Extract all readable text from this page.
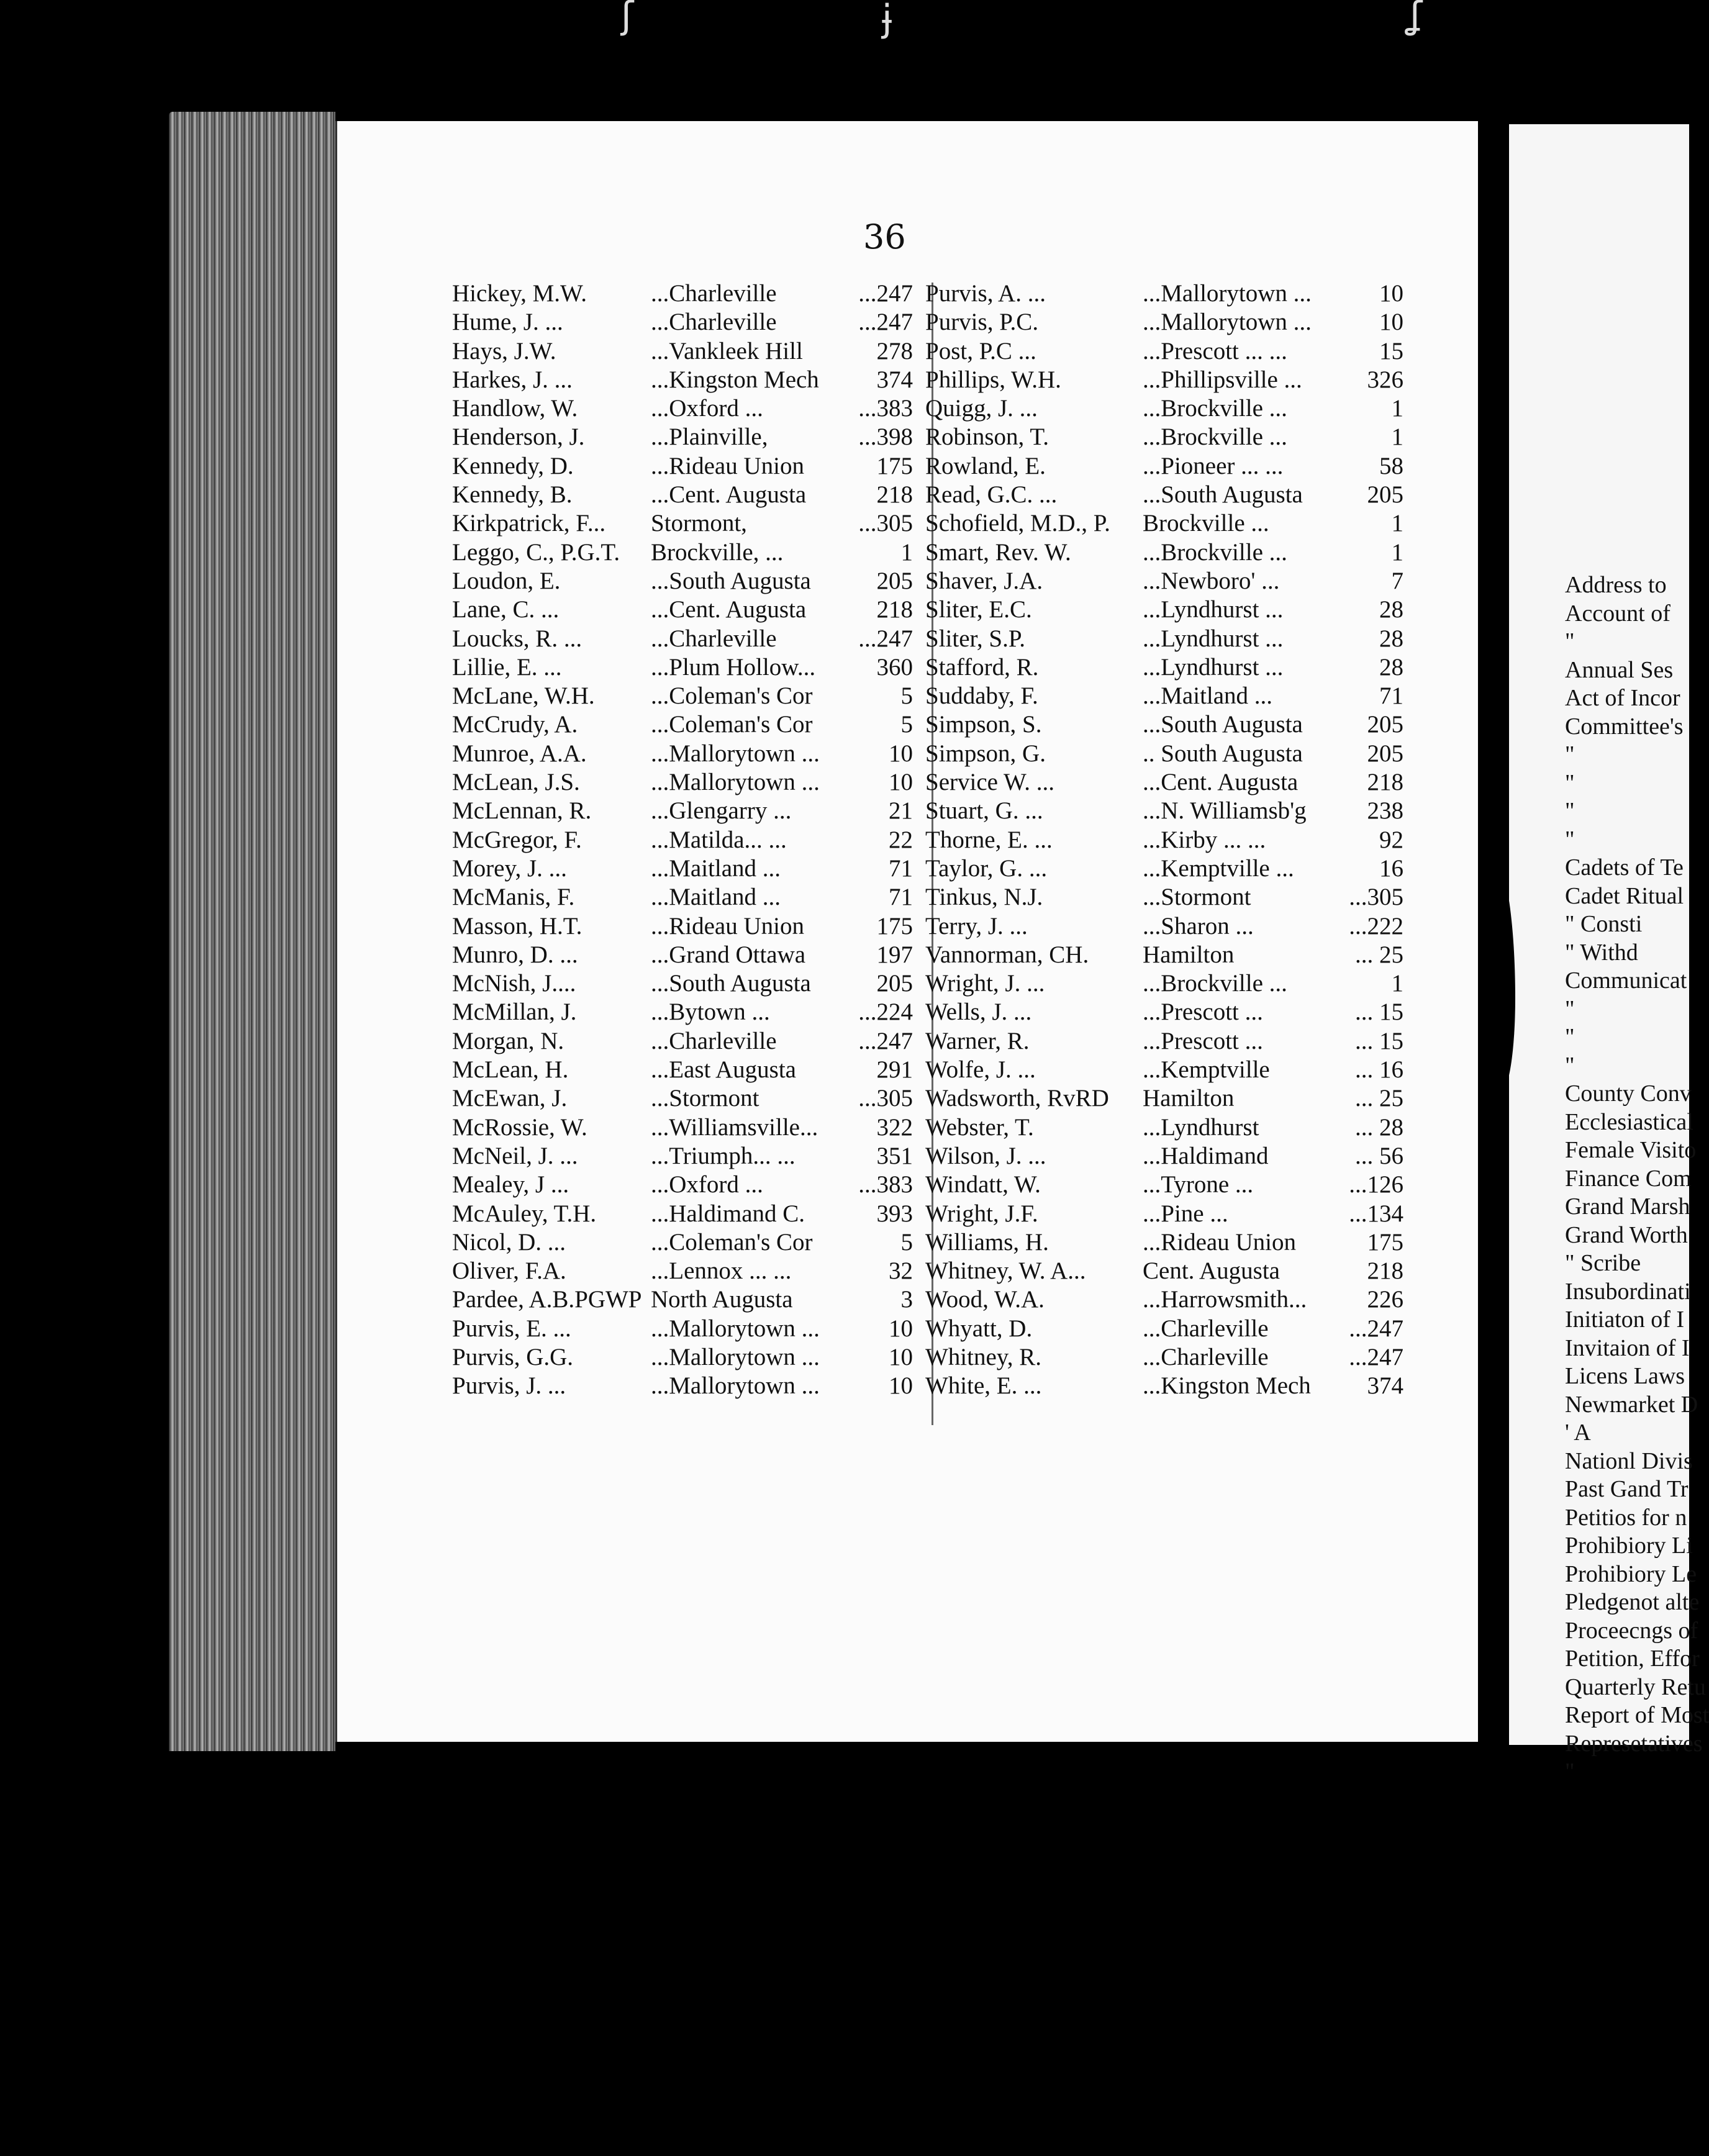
ʃ	ɉ	ʆ
36
Hickey, M.W.	...Charleville	...247
Hume, J. ...	...Charleville	...247
Hays, J.W.	...Vankleek Hill	278
Harkes, J. ...	...Kingston Mech 374
Handlow, W.	...Oxford ...	...383
Henderson, J.	...Plainville,	...398
Kennedy, D.	...Rideau Union	175
Kennedy, B.	...Cent. Augusta	218
Kirkpatrick, F... Stormont,	...305
Leggo, C., P.G.T. Brockville, ...	1
Loudon, E.	...South Augusta	205
Lane, C. ...	...Cent. Augusta	218
Loucks, R. ...	...Charleville	...247
Lillie, E. ...	...Plum Hollow...	360
McLane, W.H. ...Coleman's Cor	5
McCrudy, A.	...Coleman's Cor	5
Munroe, A.A.	...Mallorytown ...	10
McLean, J.S.	...Mallorytown ...	10
McLennan, R. ...Glengarry ...	21
McGregor, F.	...Matilda... ...	22
Morey, J. ...	...Maitland ...	71
McManis, F.	...Maitland ...	71
Masson, H.T.	...Rideau Union	175
Munro, D. ...	...Grand Ottawa	197
McNish, J....	...South Augusta	205
McMillan, J.	...Bytown ...	...224
Morgan, N.	...Charleville	...247
McLean, H.	...East Augusta	291
McEwan, J.	...Stormont	...305
McRossie, W.	...Williamsville... 322
McNeil, J. ...	...Triumph... ...	351
Mealey, J ...	...Oxford ...	...383
McAuley, T.H. ...Haldimand C.	393
Nicol, D. ...	...Coleman's Cor	5
Oliver, F.A.	...Lennox ... ...	32
Pardee, A.B.PGWP North Augusta	3
Purvis, E. ...	...Mallorytown ...	10
Purvis, G.G.	...Mallorytown ...	10
Purvis, J. ...	...Mallorytown ...	10
Purvis, A. ...	...Mallorytown ...	10
Purvis, P.C.	...Mallorytown ...	10
Post, P.C ...	...Prescott ... ...	15
Phillips, W.H.	...Phillipsville ...	326
Quigg, J. ...	...Brockville ...	1
Robinson, T.	...Brockville ...	1
Rowland, E.	...Pioneer ... ...	58
Read, G.C. ...	...South Augusta	205
Schofield, M.D., P. Brockville ...	1
Smart, Rev. W.	...Brockville ...	1
Shaver, J.A.	...Newboro' ...	7
Sliter, E.C.	...Lyndhurst ...	28
Sliter, S.P.	...Lyndhurst ...	28
Stafford, R.	...Lyndhurst ...	28
Suddaby, F.	...Maitland ...	71
Simpson, S.	...South Augusta	205
Simpson, G.	.. South Augusta	205
Service W. ...	...Cent. Augusta	218
Stuart, G. ...	...N. Williamsb'g	238
Thorne, E. ...	...Kirby ... ...	92
Taylor, G. ...	...Kemptville ...	16
Tinkus, N.J.	...Stormont	...305
Terry, J. ...	...Sharon ...	...222
Vannorman, CH. Hamilton	... 25
Wright, J. ...	...Brockville ...	1
Wells, J. ...	...Prescott ...	... 15
Warner, R.	...Prescott ...	... 15
Wolfe, J. ...	...Kemptville	... 16
Wadsworth, RvRD Hamilton	... 25
Webster, T.	...Lyndhurst	... 28
Wilson, J. ...	...Haldimand	... 56
Windatt, W.	...Tyrone ...	...126
Wright, J.F.	...Pine ...	...134
Williams, H.	...Rideau Union	175
Whitney, W. A... Cent. Augusta	218
Wood, W.A.	...Harrowsmith... 226
Whyatt, D.	...Charleville	...247
Whitney, R.	...Charleville	...247
White, E. ...	...Kingston Mech 374
Address to
Account of
"
Annual Ses
Act of Incor
Committee's
"
"
"
"
Cadets of Te
Cadet Ritual
" Consti
" Withd
Communicat
"
"
"
County Conv
Ecclesiastical
Female Visito
Finance Com
Grand Marsh
Grand Worth
" Scribe
Insubordinati
Initiaton of I
Invitaion of I
Licens Laws
Newmarket D
' A
Nationl Divis
Past Gand Tr
Petitios for n
Prohibiory Li
Prohibiory Le
Pledgenot alte
Proceecngs of
Petition, Effor
Quarterly Retu
Report of Most
Represetatives
"
